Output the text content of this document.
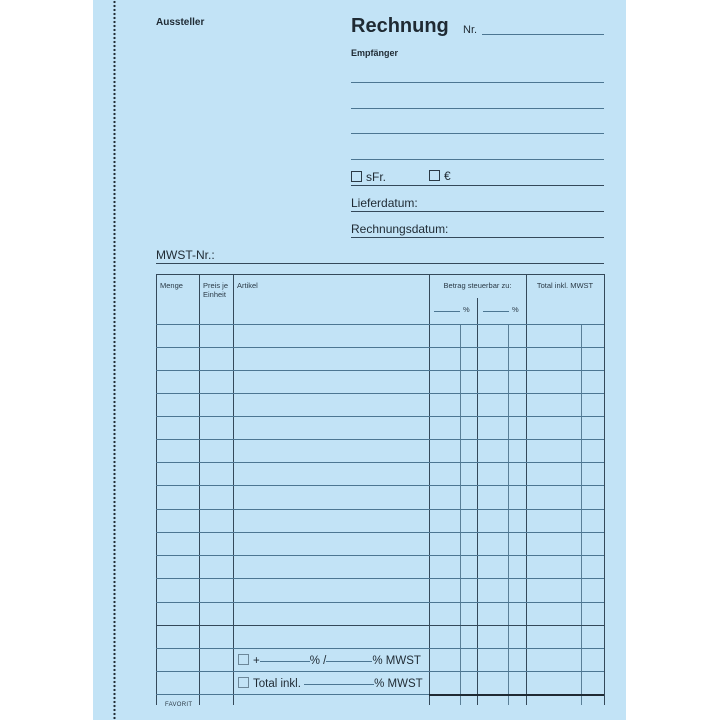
Aussteller	Rechnung Nr.
Empfänger
sFr.	€
Lieferdatum:
Rechnungsdatum:
MWST-Nr.:
Menge	Preis je
Einheit
Artikel	Betrag steuerbar zu:	Total inkl. MWST
%	%
+	% /	% MWST
Total inkl.	% MWST
FAVORIT
